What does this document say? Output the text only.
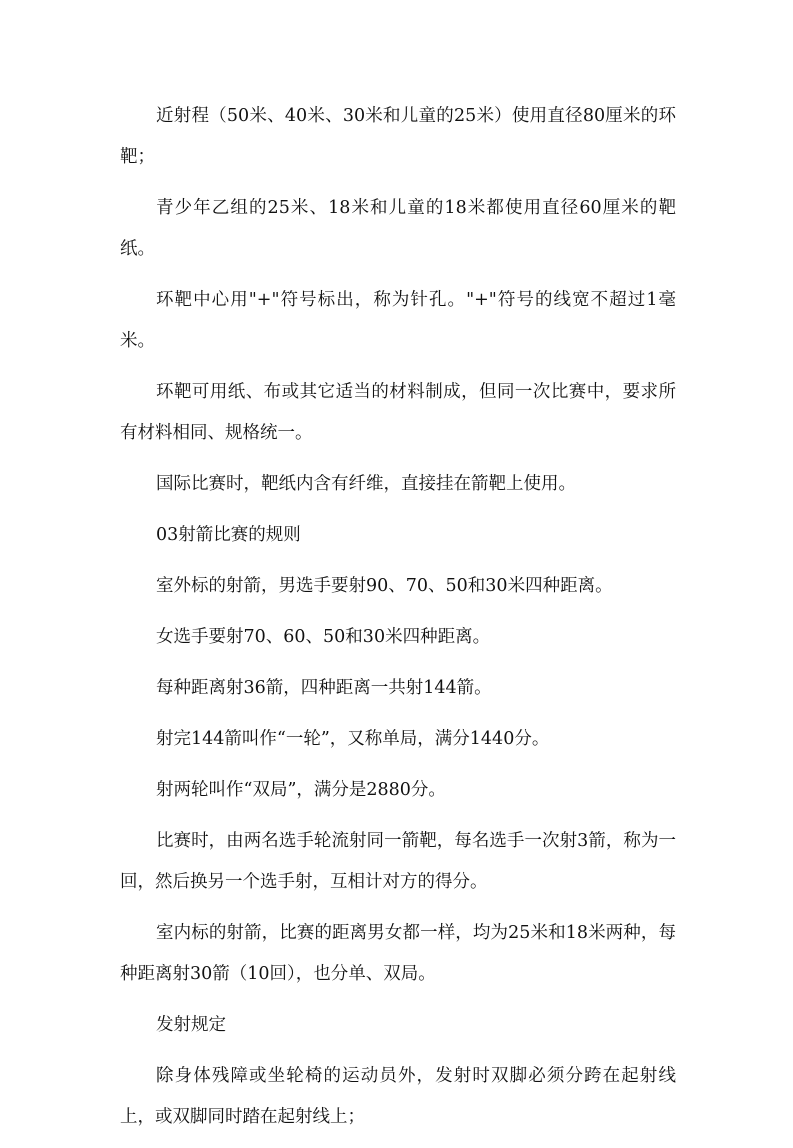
近射程（50米、40米、30米和儿童的25米）使用直径80厘米的环靶；

青少年乙组的25米、18米和儿童的18米都使用直径60厘米的靶纸。

环靶中心用"+"符号标出，称为针孔。"+"符号的线宽不超过1毫米。

环靶可用纸、布或其它适当的材料制成，但同一次比赛中，要求所有材料相同、规格统一。

国际比赛时，靶纸内含有纤维，直接挂在箭靶上使用。

03射箭比赛的规则

室外标的射箭，男选手要射90、70、50和30米四种距离。

女选手要射70、60、50和30米四种距离。

每种距离射36箭，四种距离一共射144箭。

射完144箭叫作“一轮”，又称单局，满分1440分。

射两轮叫作“双局”，满分是2880分。

比赛时，由两名选手轮流射同一箭靶，每名选手一次射3箭，称为一回，然后换另一个选手射，互相计对方的得分。

室内标的射箭，比赛的距离男女都一样，均为25米和18米两种，每种距离射30箭（10回），也分单、双局。

发射规定

除身体残障或坐轮椅的运动员外，发射时双脚必须分跨在起射线上，或双脚同时踏在起射线上；
